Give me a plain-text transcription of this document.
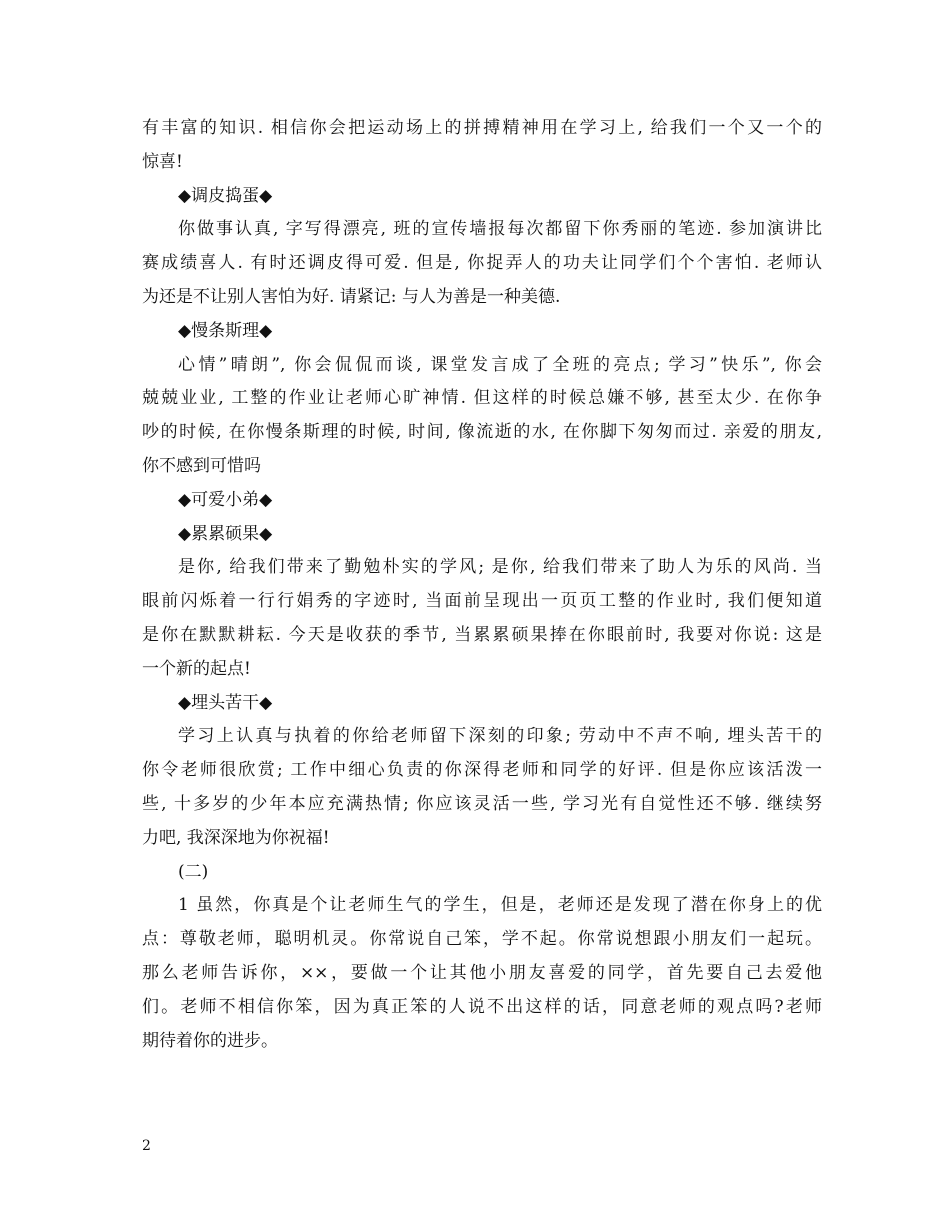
有丰富的知识. 相信你会把运动场上的拼搏精神用在学习上, 给我们一个又一个的
惊喜!
◆调皮捣蛋◆
你做事认真, 字写得漂亮, 班的宣传墙报每次都留下你秀丽的笔迹. 参加演讲比
赛成绩喜人. 有时还调皮得可爱. 但是, 你捉弄人的功夫让同学们个个害怕. 老师认
为还是不让别人害怕为好. 请紧记: 与人为善是一种美德.
◆慢条斯理◆
心情”晴朗”, 你会侃侃而谈, 课堂发言成了全班的亮点; 学习”快乐”, 你会
兢兢业业, 工整的作业让老师心旷神情. 但这样的时候总嫌不够, 甚至太少. 在你争
吵的时候, 在你慢条斯理的时候, 时间, 像流逝的水, 在你脚下匆匆而过. 亲爱的朋友,
你不感到可惜吗
◆可爱小弟◆
◆累累硕果◆
是你, 给我们带来了勤勉朴实的学风; 是你, 给我们带来了助人为乐的风尚. 当
眼前闪烁着一行行娟秀的字迹时, 当面前呈现出一页页工整的作业时, 我们便知道
是你在默默耕耘. 今天是收获的季节, 当累累硕果捧在你眼前时, 我要对你说: 这是
一个新的起点!
◆埋头苦干◆
学习上认真与执着的你给老师留下深刻的印象; 劳动中不声不响, 埋头苦干的
你令老师很欣赏; 工作中细心负责的你深得老师和同学的好评. 但是你应该活泼一
些, 十多岁的少年本应充满热情; 你应该灵活一些, 学习光有自觉性还不够. 继续努
力吧, 我深深地为你祝福!
(二)
1 虽然，你真是个让老师生气的学生，但是，老师还是发现了潜在你身上的优
点：尊敬老师，聪明机灵。你常说自己笨，学不起。你常说想跟小朋友们一起玩。
那么老师告诉你，××，要做一个让其他小朋友喜爱的同学，首先要自己去爱他
们。老师不相信你笨，因为真正笨的人说不出这样的话，同意老师的观点吗?老师
期待着你的进步。
2
